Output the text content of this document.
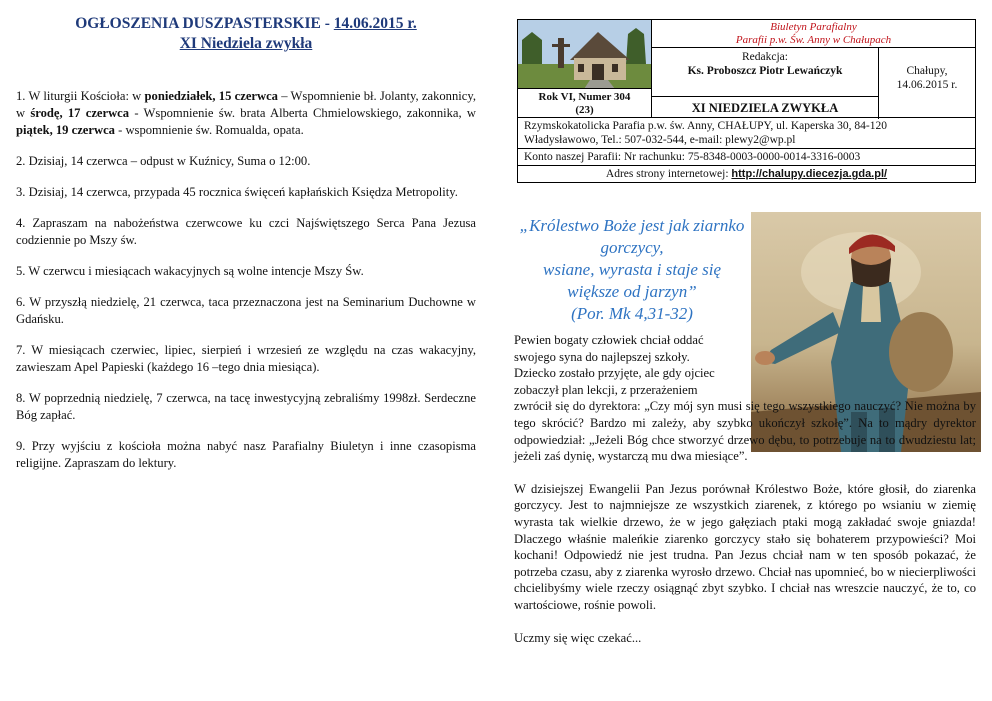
OGŁOSZENIA DUSZPASTERSKIE - 14.06.2015 r.
XI Niedziela zwykła

1. W liturgii Kościoła: w poniedziałek, 15 czerwca – Wspomnienie bł. Jolanty, zakonnicy, w środę, 17 czerwca - Wspomnienie św. brata Alberta Chmielowskiego, zakonnika, w piątek, 19 czerwca - wspomnienie św. Romualda, opata.

2. Dzisiaj, 14 czerwca – odpust w Kuźnicy, Suma o 12:00.

3. Dzisiaj, 14 czerwca, przypada 45 rocznica święceń kapłańskich Księdza Metropolity.

4. Zapraszam na nabożeństwa czerwcowe ku czci Najświętszego Serca Pana Jezusa codziennie po Mszy św.

5. W czerwcu i miesiącach wakacyjnych są wolne intencje Mszy Św.

6. W przyszłą niedzielę, 21 czerwca, taca przeznaczona jest na Seminarium Duchowne w Gdańsku.

7. W miesiącach czerwiec, lipiec, sierpień i wrzesień ze względu na czas wakacyjny, zawieszam Apel Papieski (każdego 16 –tego dnia miesiąca).

8. W poprzednią niedzielę, 7 czerwca, na tacę inwestycyjną zebraliśmy 1998zł. Serdeczne Bóg zapłać.

9. Przy wyjściu z kościoła można nabyć nasz Parafialny Biuletyn i inne czasopisma religijne. Zapraszam do lektury.

Rok VI, Numer 304
(23)
Biuletyn Parafialny
Parafii p.w. Św. Anny w Chałupach
Redakcja:
Ks. Proboszcz Piotr Lewańczyk
XI NIEDZIELA ZWYKŁA
Chałupy,
14.06.2015 r.
Rzymskokatolicka Parafia p.w. św. Anny, CHAŁUPY, ul. Kaperska 30, 84-120
Władysławowo, Tel.: 507-032-544, e-mail: plewy2@wp.pl
Konto naszej Parafii: Nr rachunku: 75-8348-0003-0000-0014-3316-0003
Adres strony internetowej: http://chalupy.diecezja.gda.pl/
„Królestwo Boże jest jak ziarnko
gorczycy,
wsiane, wyrasta i staje się
większe od jarzyn”
(Por. Mk 4,31-32)

Pewien bogaty człowiek chciał oddać
swojego syna do najlepszej szkoły.
Dziecko zostało przyjęte, ale gdy ojciec
zobaczył plan lekcji, z przerażeniem
zwrócił się do dyrektora: „Czy mój syn musi się tego wszystkiego nauczyć? Nie można by tego skrócić? Bardzo mi zależy, aby szybko ukończył szkołę”. Na to mądry dyrektor odpowiedział: „Jeżeli Bóg chce stworzyć drzewo dębu, to potrzebuje na to dwudziestu lat; jeżeli zaś dynię, wystarczą mu dwa miesiące”.

W dzisiejszej Ewangelii Pan Jezus porównał Królestwo Boże, które głosił, do ziarenka gorczycy. Jest to najmniejsze ze wszystkich ziarenek, z którego po wsianiu w ziemię wyrasta tak wielkie drzewo, że w jego gałęziach ptaki mogą zakładać swoje gniazda! Dlaczego właśnie maleńkie ziarenko gorczycy stało się bohaterem przypowieści? Moi kochani! Odpowiedź nie jest trudna. Pan Jezus chciał nam w ten sposób pokazać, że potrzeba czasu, aby z ziarenka wyrosło drzewo. Chciał nas upomnieć, bo w niecierpliwości chcielibyśmy wiele rzeczy osiągnąć zbyt szybko. I chciał nas wreszcie nauczyć, że to, co wartościowe, rośnie powoli.

Uczmy się więc czekać...
